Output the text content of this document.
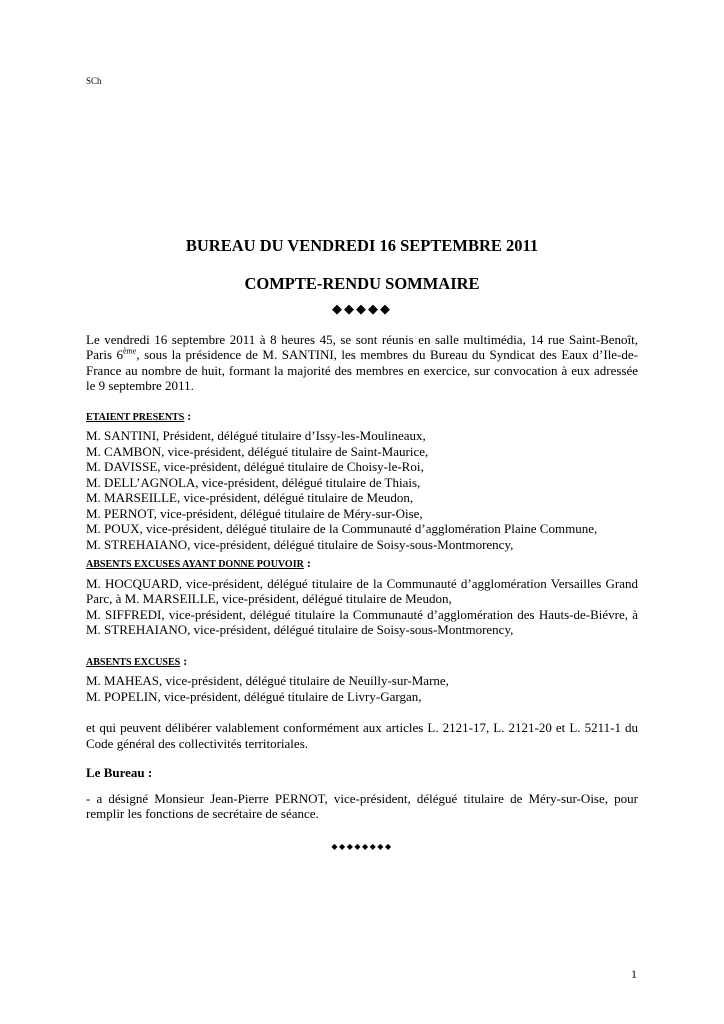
SCh
BUREAU DU VENDREDI 16 SEPTEMBRE 2011
COMPTE-RENDU SOMMAIRE
◆◆◆◆◆

Le vendredi 16 septembre 2011 à 8 heures 45, se sont réunis en salle multimédia, 14 rue Saint-Benoît, Paris 6ème, sous la présidence de M. SANTINI, les membres du Bureau du Syndicat des Eaux d’Ile-de-France au nombre de huit, formant la majorité des membres en exercice, sur convocation à eux adressée le 9 septembre 2011.

ETAIENT PRESENTS :
M. SANTINI, Président, délégué titulaire d’Issy-les-Moulineaux,
M. CAMBON, vice-président, délégué titulaire de Saint-Maurice,
M. DAVISSE, vice-président, délégué titulaire de Choisy-le-Roi,
M. DELL’AGNOLA, vice-président, délégué titulaire de Thiais,
M. MARSEILLE, vice-président, délégué titulaire de Meudon,
M. PERNOT, vice-président, délégué titulaire de Méry-sur-Oise,
M. POUX, vice-président, délégué titulaire de la Communauté d’agglomération Plaine Commune,
M. STREHAIANO, vice-président, délégué titulaire de Soisy-sous-Montmorency,
ABSENTS EXCUSES AYANT DONNE POUVOIR :
M. HOCQUARD, vice-président, délégué titulaire de la Communauté d’agglomération Versailles Grand Parc, à M. MARSEILLE, vice-président, délégué titulaire de Meudon,
M. SIFFREDI, vice-président, délégué titulaire la Communauté d’agglomération des Hauts-de-Biévre, à M. STREHAIANO, vice-président, délégué titulaire de Soisy-sous-Montmorency,
ABSENTS EXCUSES :
M. MAHEAS, vice-président, délégué titulaire de Neuilly-sur-Marne,
M. POPELIN, vice-président, délégué titulaire de Livry-Gargan,

et qui peuvent délibérer valablement conformément aux articles L. 2121-17, L. 2121-20 et L. 5211-1 du Code général des collectivités territoriales.

Le Bureau :

- a désigné Monsieur Jean-Pierre PERNOT, vice-président, délégué titulaire de Méry-sur-Oise, pour remplir les fonctions de secrétaire de séance.

◆◆◆◆◆◆◆◆
1
